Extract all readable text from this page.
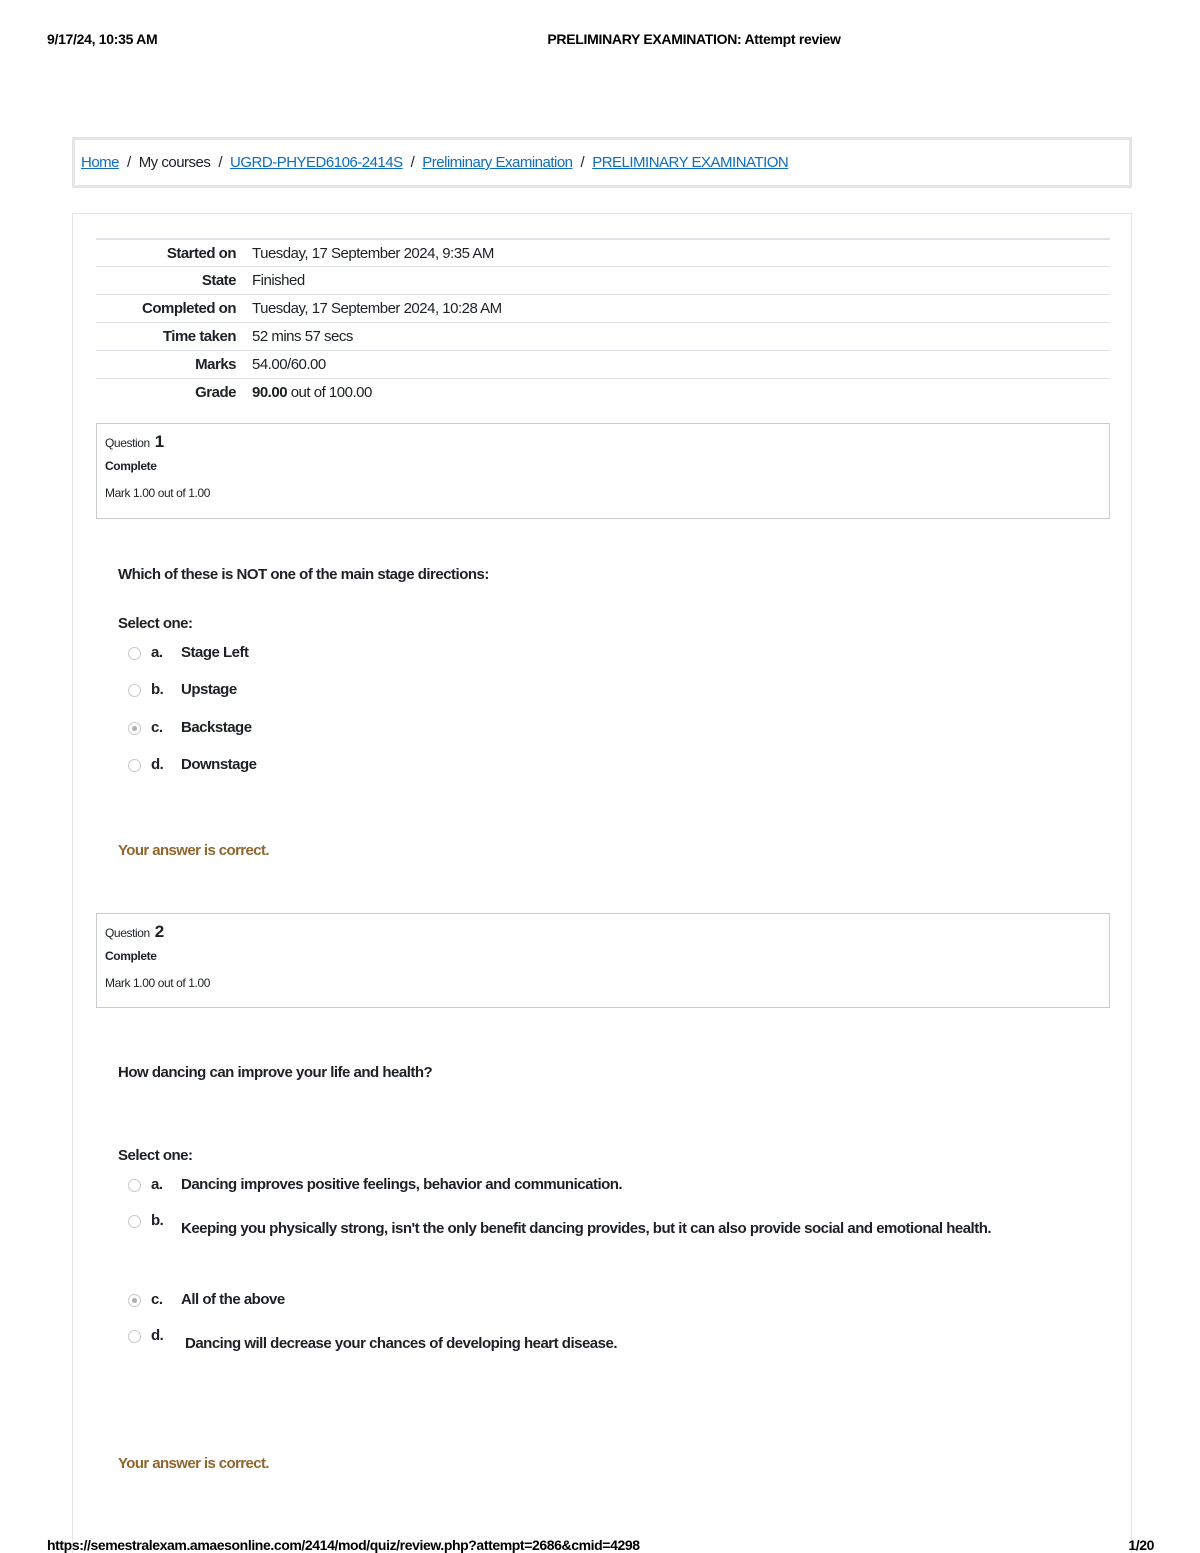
9/17/24, 10:35 AM	PRELIMINARY EXAMINATION: Attempt review
Home / My courses / UGRD-PHYED6106-2414S / Preliminary Examination / PRELIMINARY EXAMINATION
Started on	Tuesday, 17 September 2024, 9:35 AM
State	Finished
Completed on	Tuesday, 17 September 2024, 10:28 AM
Time taken	52 mins 57 secs
Marks	54.00/60.00
Grade	90.00 out of 100.00
Question 1
Complete
Mark 1.00 out of 1.00
Which of these is NOT one of the main stage directions:
Select one:
a.	Stage Left
b.	Upstage
c.	Backstage
d.	Downstage
Your answer is correct.
Question 2
Complete
Mark 1.00 out of 1.00
How dancing can improve your life and health?
Select one:
a.	Dancing improves positive feelings, behavior and communication.
b.	Keeping you physically strong, isn't the only benefit dancing provides, but it can also provide social and emotional health.
c.	All of the above
d.	Dancing will decrease your chances of developing heart disease.
Your answer is correct.
https://semestralexam.amaesonline.com/2414/mod/quiz/review.php?attempt=2686&cmid=4298	1/20
